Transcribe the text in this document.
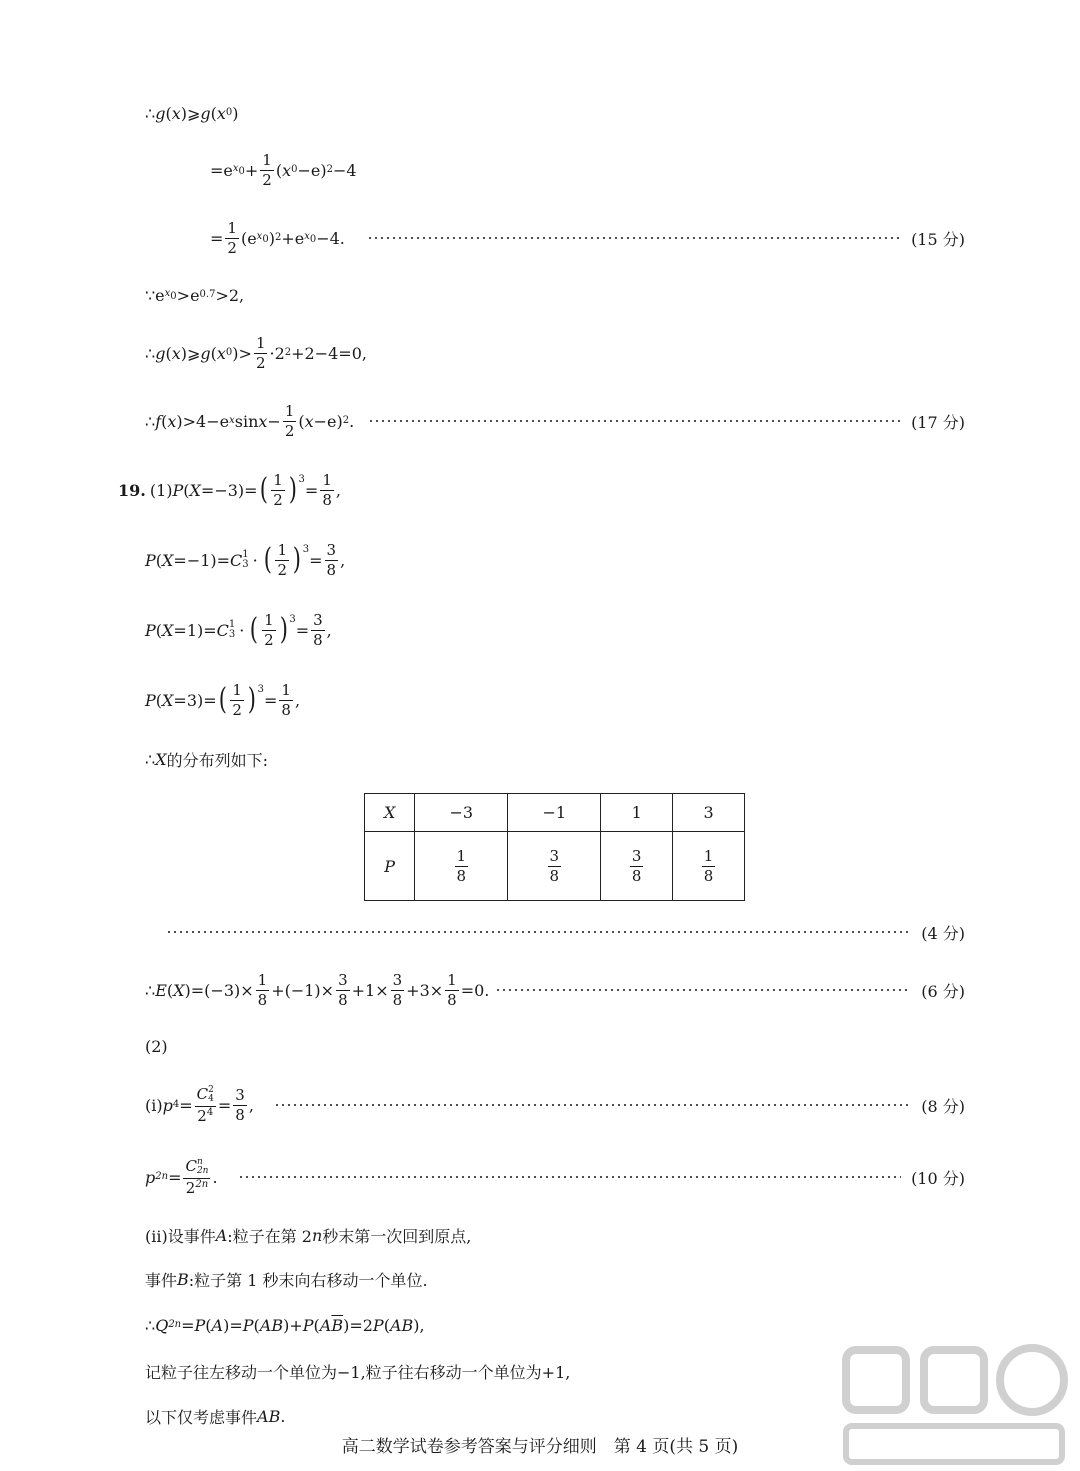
∴ g ( x )⩾ g ( x 0 )
=e $x_0 + \frac{1}{2}$ ( x 0 −e) 2 −4
= $\frac{1}{2} (e$ $x_0$ ) 2 +e $x_0 -4$.	(15 分)
∵e $x_0 >e$ 0.7 >2,
∴ g ( x )⩾ g ( x 0 )> $\frac{1}{2} \cdot 2$ 2 +2−4=0,
∴ f ( x )>4−e x $\sin x - \frac{1}{2}$ ( x −e) 2 .	(17 分)
19. (1) P ( X =−3)= ( $\frac{1}{2} )^3$
= $\frac{1}{8}$ ,
P ( X =−1)= C 1
3 · ( $\frac{1}{2} )^3$
= $\frac{3}{8}$ ,
P ( X =1)= C 1
3 · ( $\frac{1}{2} )^3$
= $\frac{3}{8}$ ,
P ( X =3)= ( $\frac{1}{2} )^3$
= $\frac{1}{8}$ ,
∴ X 的分布列如下:
X	−3	−1	1	3
P	$\frac{1}{8}$	$\frac{3}{8}$	$\frac{3}{8}$	$\frac{1}{8}$
(4 分)
∴ E ( X )$=(-3)\times \frac{1}{8} +(-1)\times \frac{3}{8} +1\times \frac{3}{8} +3\times \frac{1}{8} =0$.	(6 分)
(2)
(i) p 4 = C 2
4
$2^4 = \frac{3}{8}$ ,	(8 分)
p 2n = C n
2n
$2^{2n}$ .	(10 分)
(ii)设事件 A :粒子在第 2 n 秒末第一次回到原点,
事件 B :粒子第 1 秒末向右移动一个单位.
∴ Q 2n = P ( A )= P ( AB )+ P ( A $\overline{B}$ )=2 P ( AB ),
记粒子往左移动一个单位为−1,粒子往右移动一个单位为+1,
以下仅考虑事件 AB .
高二数学试卷参考答案与评分细则　第 4 页(共 5 页)
